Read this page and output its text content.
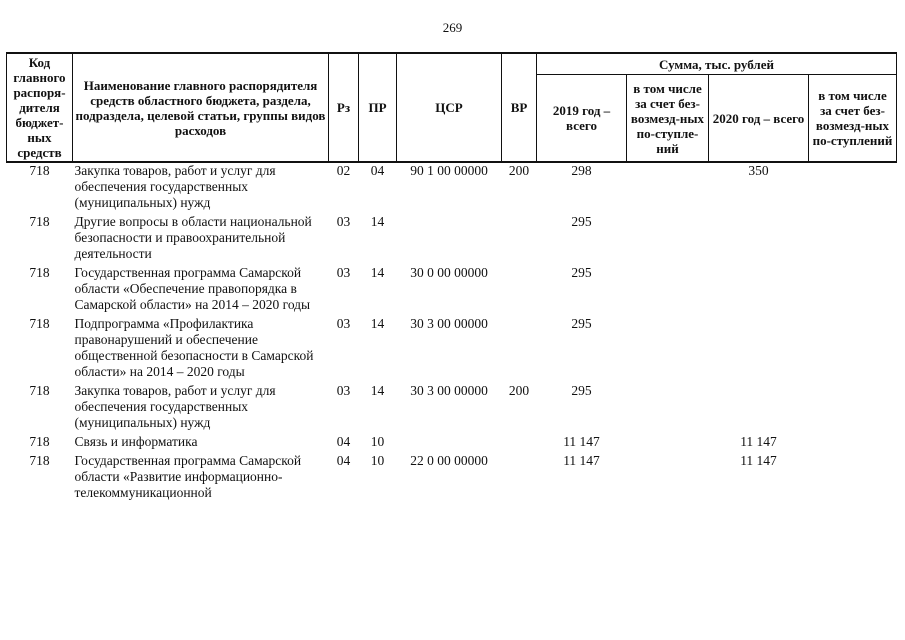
269
Код главного распоря-дителя бюджет-ных средств	Наименование главного распорядителя средств областного бюджета, раздела, подраздела, целевой статьи, группы видов расходов	Рз	ПР	ЦСР	ВР	Сумма, тыс. рублей			
						2019 год – всего	в том числе за счет без-возмезд-ных по-ступле-ний	2020 год – всего	в том числе за счет без-возмезд-ных по-ступлений
718	Закупка товаров, работ и услуг для обеспечения государственных (муниципальных) нужд	02	04	90 1 00 00000	200	298		350	
718	Другие вопросы в области национальной безопасности и правоохранительной деятельности	03	14			295			
718	Государственная программа Самарской области «Обеспечение правопорядка в Самарской области» на 2014 – 2020 годы	03	14	30 0 00 00000		295			
718	Подпрограмма «Профилактика правонарушений и обеспечение общественной безопасности в Самарской области» на 2014 – 2020 годы	03	14	30 3 00 00000		295			
718	Закупка товаров, работ и услуг для обеспечения государственных (муниципальных) нужд	03	14	30 3 00 00000	200	295			
718	Связь и информатика	04	10			11 147		11 147	
718	Государственная программа Самарской области «Развитие информационно-телекоммуникационной	04	10	22 0 00 00000		11 147		11 147	
